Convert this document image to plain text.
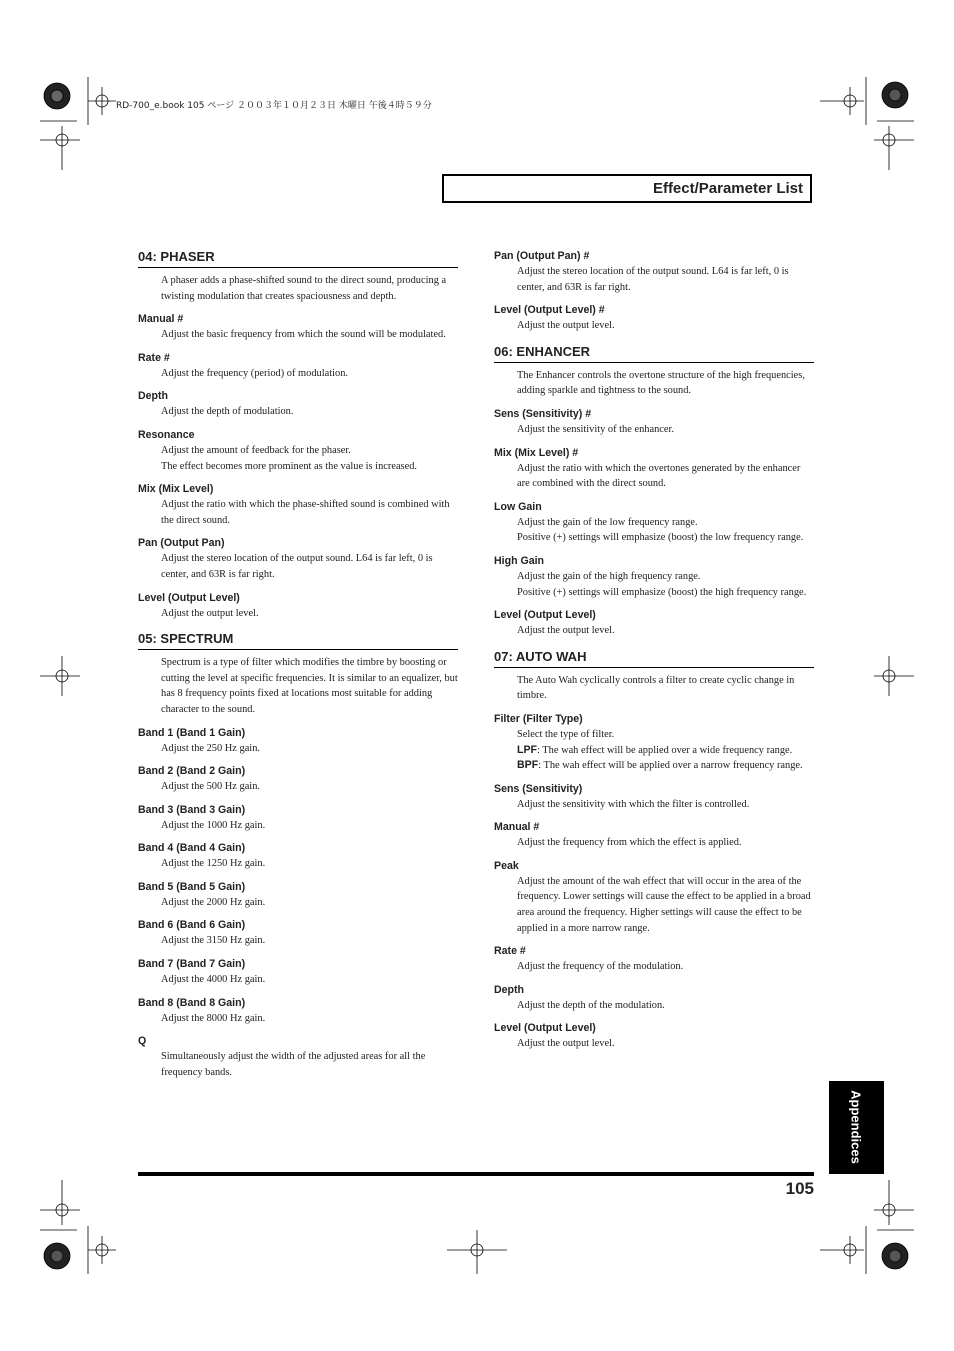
RD-700_e.book 105 ページ ２００３年１０月２３日 木曜日 午後４時５９分
Effect/Parameter List
04: PHASER
A phaser adds a phase-shifted sound to the direct sound, producing a twisting modulation that creates spaciousness and depth.
Manual #
Adjust the basic frequency from which the sound will be modulated.
Rate #
Adjust the frequency (period) of modulation.
Depth
Adjust the depth of modulation.
Resonance

Adjust the amount of feedback for the phaser.

The effect becomes more prominent as the value is increased.

Mix (Mix Level)
Adjust the ratio with which the phase-shifted sound is combined with the direct sound.
Pan (Output Pan)
Adjust the stereo location of the output sound. L64 is far left, 0 is center, and 63R is far right.
Level (Output Level)
Adjust the output level.
05: SPECTRUM
Spectrum is a type of filter which modifies the timbre by boosting or cutting the level at specific frequencies. It is similar to an equalizer, but has 8 frequency points fixed at locations most suitable for adding character to the sound.
Band 1 (Band 1 Gain)
Adjust the 250 Hz gain.
Band 2 (Band 2 Gain)
Adjust the 500 Hz gain.
Band 3 (Band 3 Gain)
Adjust the 1000 Hz gain.
Band 4 (Band 4 Gain)
Adjust the 1250 Hz gain.
Band 5 (Band 5 Gain)
Adjust the 2000 Hz gain.
Band 6 (Band 6 Gain)
Adjust the 3150 Hz gain.
Band 7 (Band 7 Gain)
Adjust the 4000 Hz gain.
Band 8 (Band 8 Gain)
Adjust the 8000 Hz gain.
Q
Simultaneously adjust the width of the adjusted areas for all the frequency bands.
Pan (Output Pan) #
Adjust the stereo location of the output sound. L64 is far left, 0 is center, and 63R is far right.
Level (Output Level) #
Adjust the output level.
06: ENHANCER
The Enhancer controls the overtone structure of the high frequencies, adding sparkle and tightness to the sound.
Sens (Sensitivity) #
Adjust the sensitivity of the enhancer.
Mix (Mix Level) #
Adjust the ratio with which the overtones generated by the enhancer are combined with the direct sound.
Low Gain

Adjust the gain of the low frequency range.

Positive (+) settings will emphasize (boost) the low frequency range.

High Gain

Adjust the gain of the high frequency range.

Positive (+) settings will emphasize (boost) the high frequency range.

Level (Output Level)
Adjust the output level.
07: AUTO WAH
The Auto Wah cyclically controls a filter to create cyclic change in timbre.
Filter (Filter Type)

Select the type of filter.

LPF: The wah effect will be applied over a wide frequency range.

BPF: The wah effect will be applied over a narrow frequency range.

Sens (Sensitivity)
Adjust the sensitivity with which the filter is controlled.
Manual #
Adjust the frequency from which the effect is applied.
Peak
Adjust the amount of the wah effect that will occur in the area of the frequency. Lower settings will cause the effect to be applied in a broad area around the frequency. Higher settings will cause the effect to be applied in a more narrow range.
Rate #
Adjust the frequency of the modulation.
Depth
Adjust the depth of the modulation.
Level (Output Level)
Adjust the output level.
Appendices
105
